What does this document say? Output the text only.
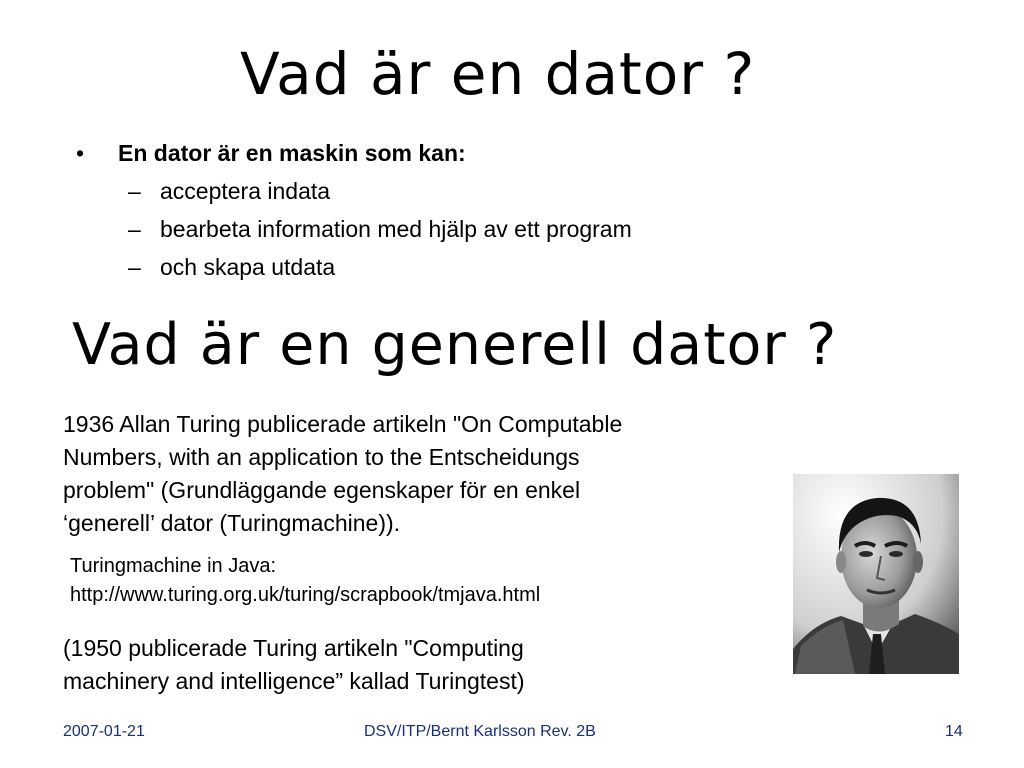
Vad är en dator ?
• En dator är en maskin som kan:
– acceptera indata
– bearbeta information med hjälp av ett program
– och skapa utdata
Vad är en generell dator ?

1936 Allan Turing publicerade artikeln "On Computable
Numbers, with an application to the Entscheidungs
problem" (Grundläggande egenskaper för en enkel
‘generell’ dator (Turingmachine)).

Turingmachine in Java:
http://www.turing.org.uk/turing/scrapbook/tmjava.html

(1950 publicerade Turing artikeln "Computing
machinery and intelligence” kallad Turingtest)

2007-01-21	DSV/ITP/Bernt Karlsson Rev. 2B	14
